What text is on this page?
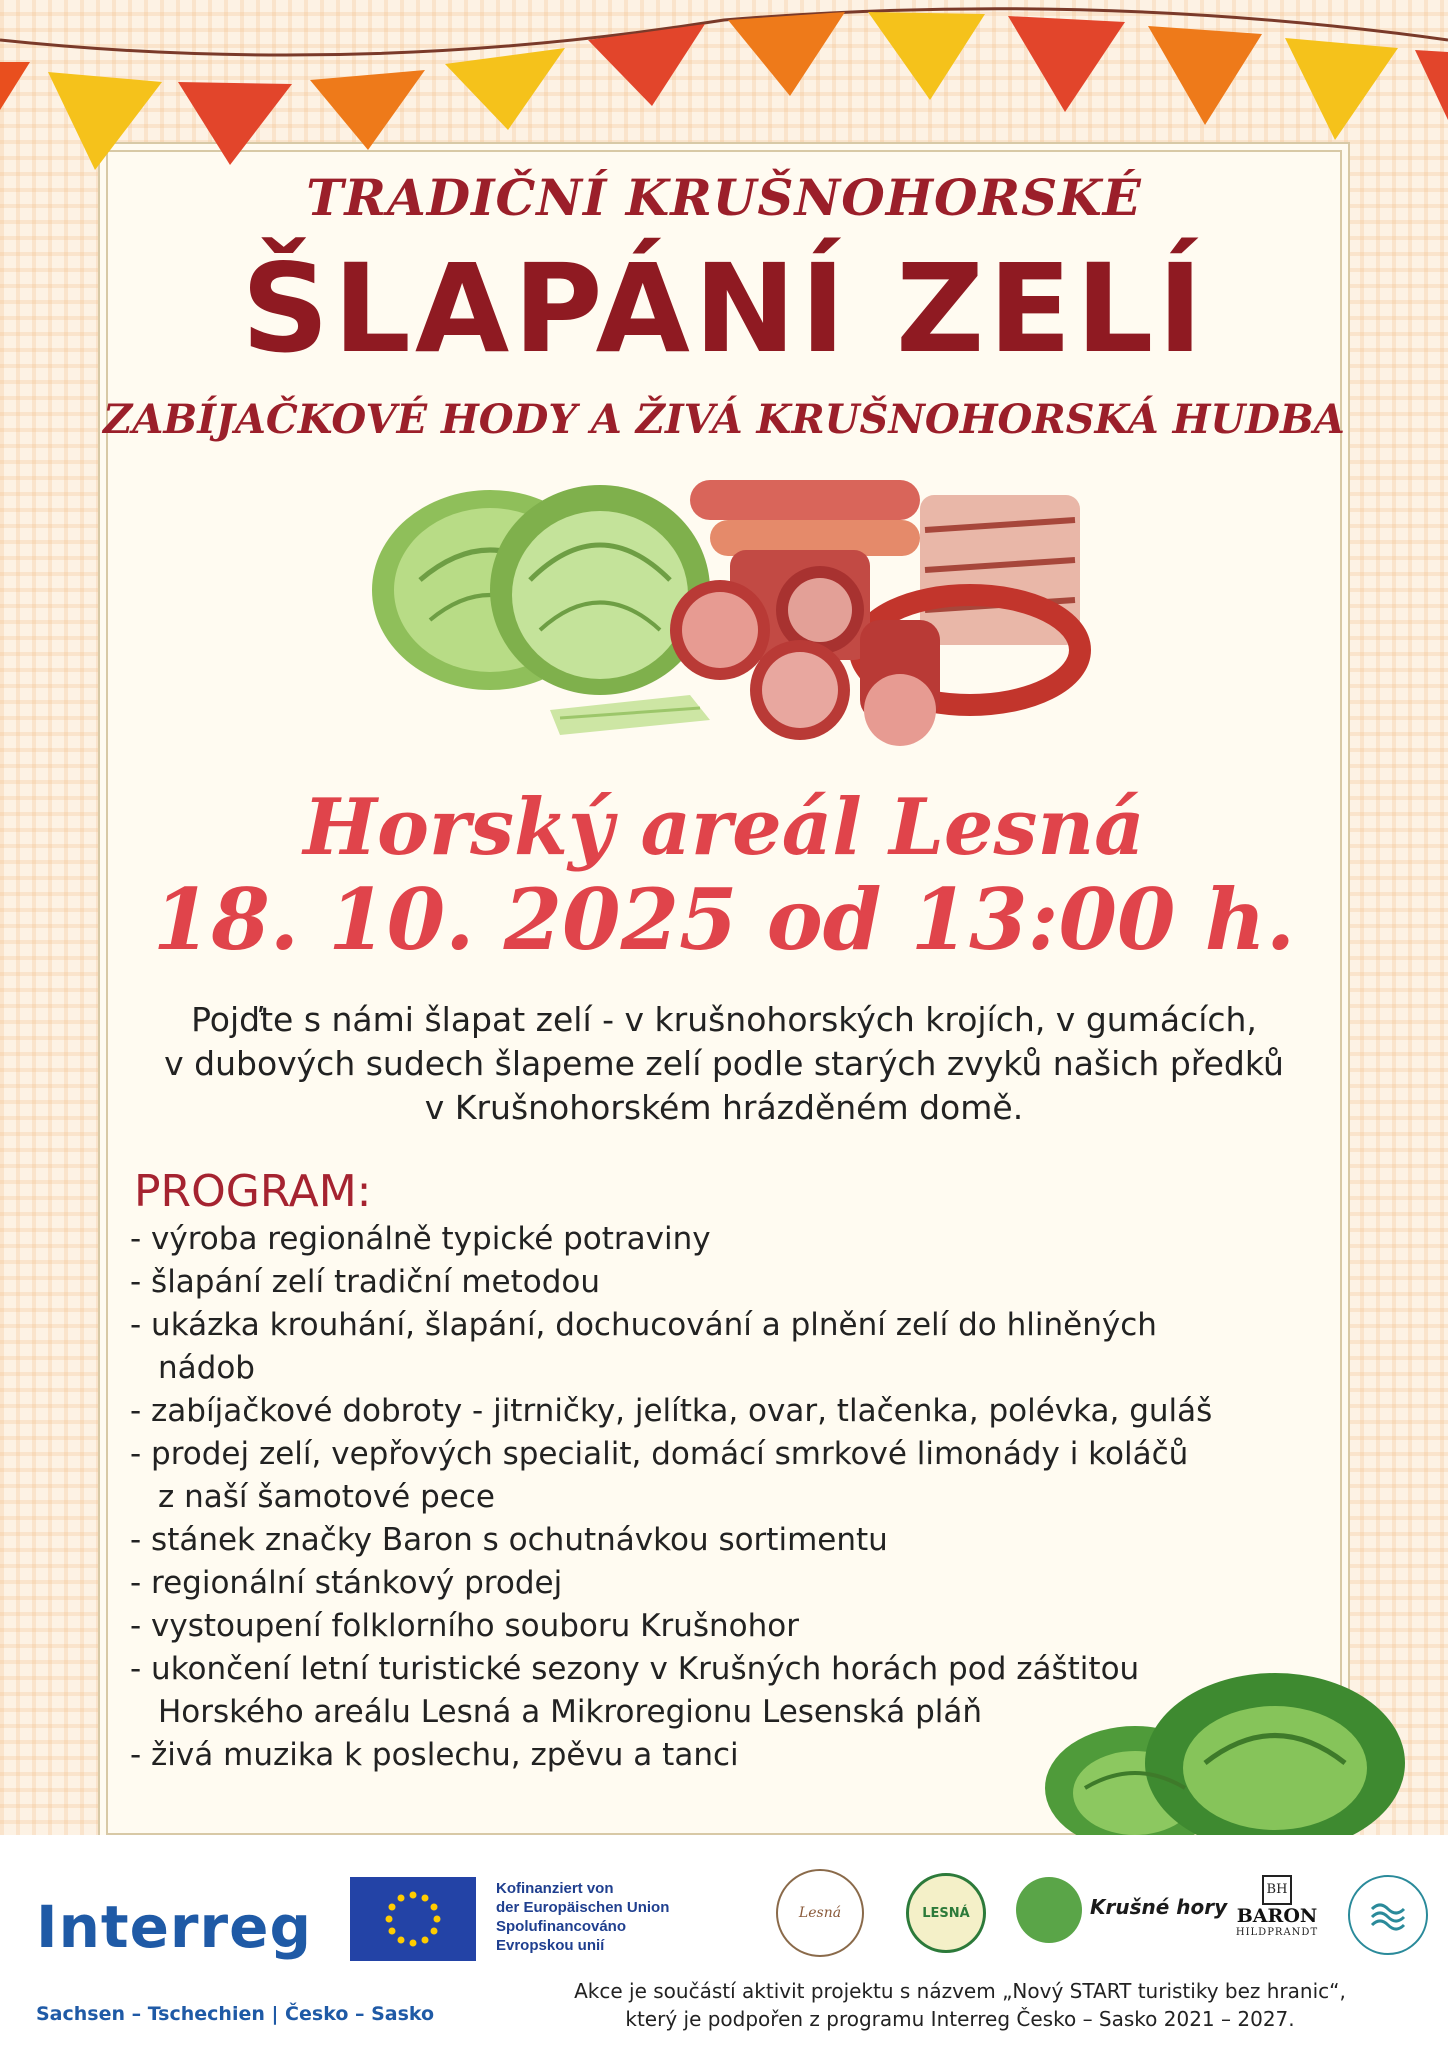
TRADIČNÍ KRUŠNOHORSKÉ
ŠLAPÁNÍ ZELÍ
ZABÍJAČKOVÉ HODY A ŽIVÁ KRUŠNOHORSKÁ HUDBA
Horský areál Lesná
18. 10. 2025 od 13:00 h.
Pojďte s námi šlapat zelí - v krušnohorských krojích, v gumácích,
v dubových sudech šlapeme zelí podle starých zvyků našich předků
v Krušnohorském hrázděném domě.
PROGRAM:
- výroba regionálně typické potraviny
- šlapání zelí tradiční metodou
- ukázka krouhání, šlapání, dochucování a plnění zelí do hliněných
nádob
- zabíjačkové dobroty - jitrničky, jelítka, ovar, tlačenka, polévka, guláš
- prodej zelí, vepřových specialit, domácí smrkové limonády i koláčů
z naší šamotové pece
- stánek značky Baron s ochutnávkou sortimentu
- regionální stánkový prodej
- vystoupení folklorního souboru Krušnohor
- ukončení letní turistické sezony v Krušných horách pod záštitou
Horského areálu Lesná a Mikroregionu Lesenská pláň
- živá muzika k poslechu, zpěvu a tanci
Interreg
Sachsen – Tschechien | Česko – Sasko
Kofinanziert von
der Europäischen Union
Spolufinancováno
Evropskou unií
Lesná	LESNÁ	Krušné hory
BH
BARON
HILDPRANDT
Akce je součástí aktivit projektu s názvem „Nový START turistiky bez hranic“,
který je podpořen z programu Interreg Česko – Sasko 2021 – 2027.
